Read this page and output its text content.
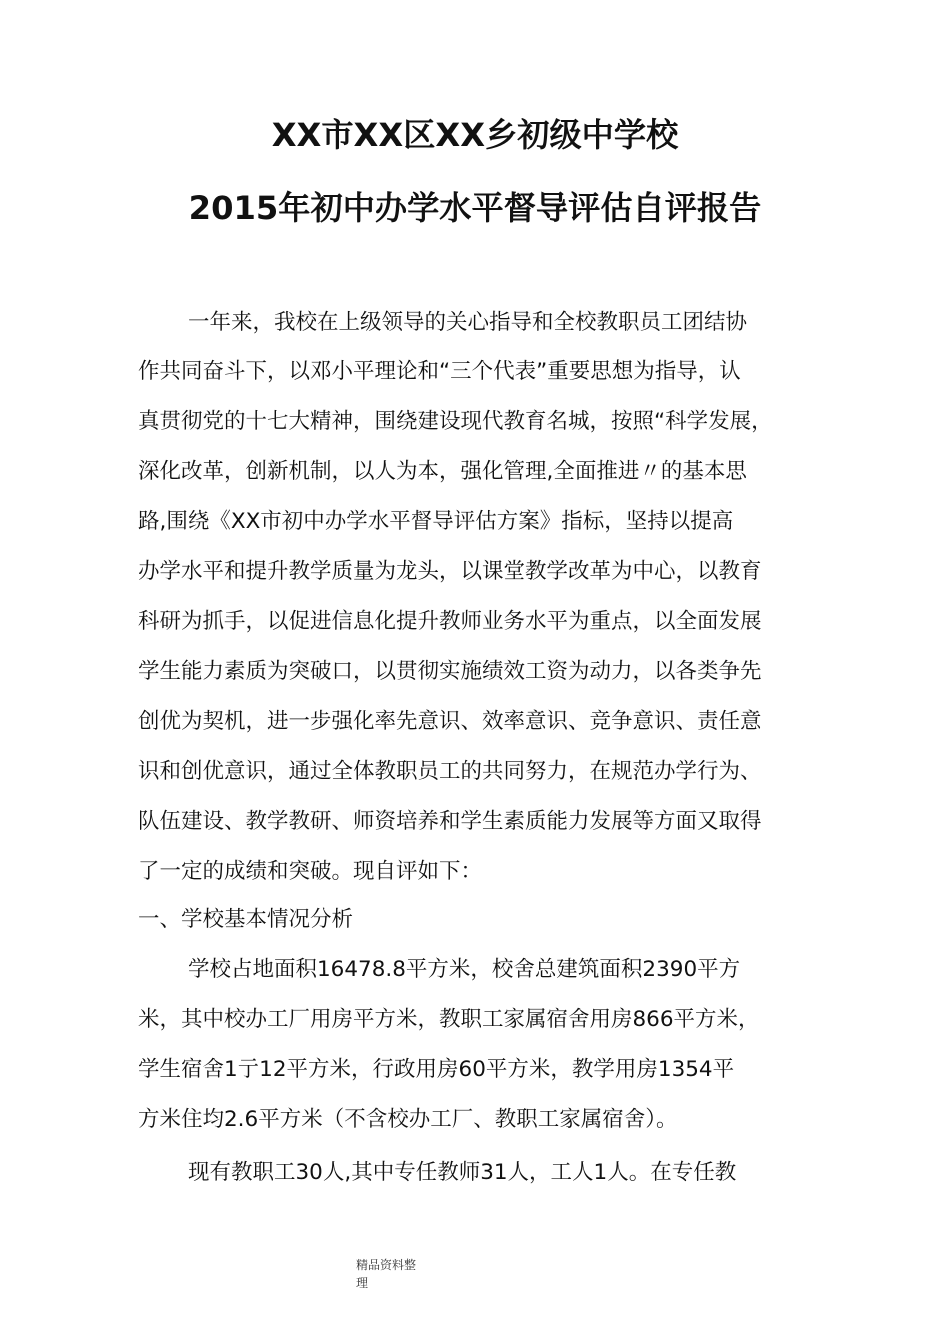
XX市XX区XX乡初级中学校
2015年初中办学水平督导评估自评报告
一年来，我校在上级领导的关心指导和全校教职员工团结协
作共同奋斗下，以邓小平理论和“三个代表”重要思想为指导，认
真贯彻党的十七大精神，围绕建设现代教育名城，按照“科学发展，
深化改革，创新机制，以人为本，强化管理,全面推进〃的基本思
路,围绕《XX市初中办学水平督导评估方案》指标，坚持以提高
办学水平和提升教学质量为龙头，以课堂教学改革为中心，以教育
科研为抓手，以促进信息化提升教师业务水平为重点，以全面发展
学生能力素质为突破口，以贯彻实施绩效工资为动力，以各类争先
创优为契机，进一步强化率先意识、效率意识、竞争意识、责任意
识和创优意识，通过全体教职员工的共同努力，在规范办学行为、
队伍建设、教学教研、师资培养和学生素质能力发展等方面又取得
了一定的成绩和突破。现自评如下：
一、学校基本情况分析
学校占地面积16478.8平方米，校舍总建筑面积2390平方
米，其中校办工厂用房平方米，教职工家属宿舍用房866平方米，
学生宿舍1亍12平方米，行政用房60平方米，教学用房1354平
方米住均2.6平方米（不含校办工厂、教职工家属宿舍）。
现有教职工30人,其中专任教师31人，工人1人。在专任教
精品资料整
理
